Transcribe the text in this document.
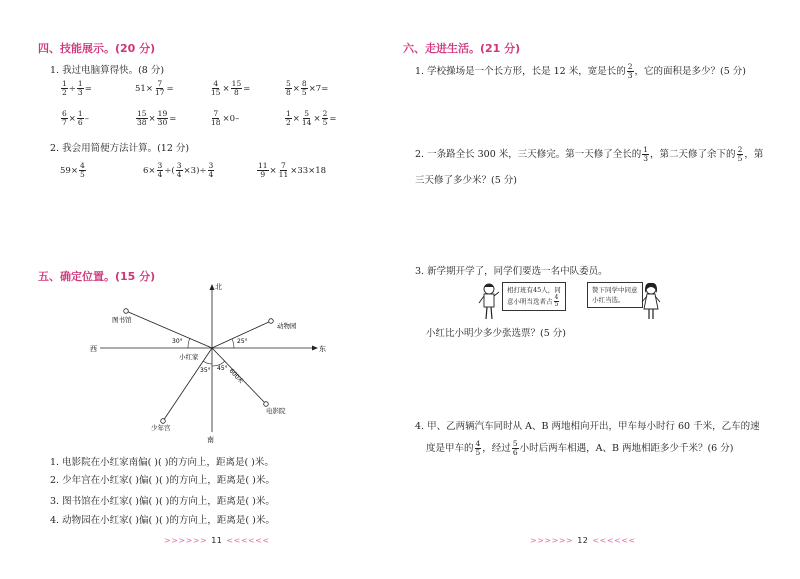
四、技能展示。(20 分)
1. 我过电脑算得快。(8 分)
$\frac{1}{2} \div \frac{1}{3}$ =	$51\times \frac{7}{17}$ =	$\frac{4}{15} \times \frac{15}{8}$ =	$\frac{5}{8} \times \frac{8}{5} \times 7=$
$\frac{6}{7} \times \frac{1}{6}$ –	$\frac{15}{38} \times \frac{19}{30}$ =	$\frac{7}{18} \times 0-$	$\frac{1}{2} \times \frac{5}{14} \times \frac{2}{5}$ =
2. 我会用简便方法计算。(12 分)
$59\times \frac{4}{5}$	$6\times \frac{3}{4}$ ÷( $\frac{3}{4} \times 3)\div \frac{3}{4}$	$\frac{11}{9} \times \frac{7}{11} \times 33\times 18$
五、确定位置。(15 分)
北
南
东
西
图书馆
动物园
电影院
少年宫
小红家
30°	25°
35° 45° 600米
1. 电影院在小红家南偏( )( )的方向上，距离是( )米。
2. 少年宫在小红家( )偏( )( )的方向上，距离是( )米。
3. 图书馆在小红家( )偏( )( )的方向上，距离是( )米。
4. 动物园在小红家( )偏( )( )的方向上，距离是( )米。
>>>>>> 11 <<<<<<
六、走进生活。(21 分)
1. 学校操场是一个长方形，长是 12 米，宽是长的 $\frac{2}{3}$ ，它的面积是多少？(5 分)
2. 一条路全长 300 米，三天修完。第一天修了全长的 $\frac{1}{3}$ ，第二天修了余下的 $\frac{2}{5}$ ，第
三天修了多少米？(5 分)
3. 新学期开学了，同学们要选一名中队委员。
相打班有45人，同
意小明当选者占 $\frac{4}{5}$
赞下同学中同意
小红当选。
小红比小明少多少张选票？(5 分)
4. 甲、乙两辆汽车同时从 A、B 两地相向开出，甲车每小时行 60 千米，乙车的速
度是甲车的 $\frac{4}{5}$ ，经过 $\frac{5}{6}$ 小时后两车相遇，A、B 两地相距多少千米？(6 分)
>>>>>> 12 <<<<<<
